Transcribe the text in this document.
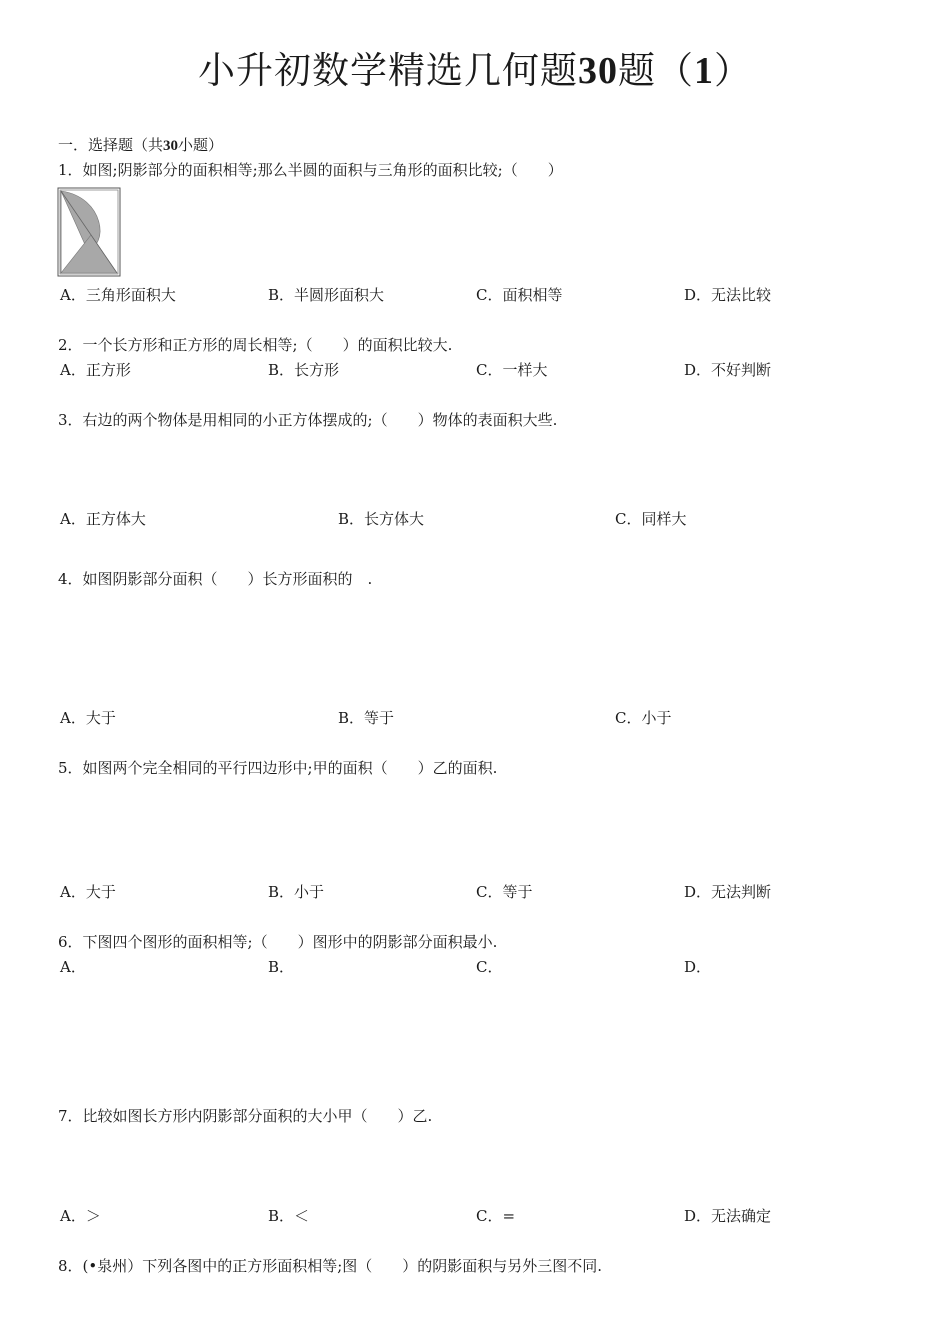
小升初数学精选几何题30题（1）
一．选择题（共30小题）
1．如图;阴影部分的面积相等;那么半圆的面积与三角形的面积比较;（　　）
A．三角形面积大	B．半圆形面积大	C．面积相等	D．无法比较
2．一个长方形和正方形的周长相等;（　　）的面积比较大.
A．正方形	B．长方形	C．一样大	D．不好判断
3．右边的两个物体是用相同的小正方体摆成的;（　　）物体的表面积大些.
A．正方体大	B．长方体大	C．同样大
4．如图阴影部分面积（　　）长方形面积的　.
A．大于	B．等于	C．小于
5．如图两个完全相同的平行四边形中;甲的面积（　　）乙的面积.
A．大于	B．小于	C．等于	D．无法判断
6．下图四个图形的面积相等;（　　）图形中的阴影部分面积最小.
A．	B．	C．	D．
7．比较如图长方形内阴影部分面积的大小甲（　　）乙.
A．＞	B．＜	C．=	D．无法确定
8．(•泉州）下列各图中的正方形面积相等;图（　　）的阴影面积与另外三图不同.
